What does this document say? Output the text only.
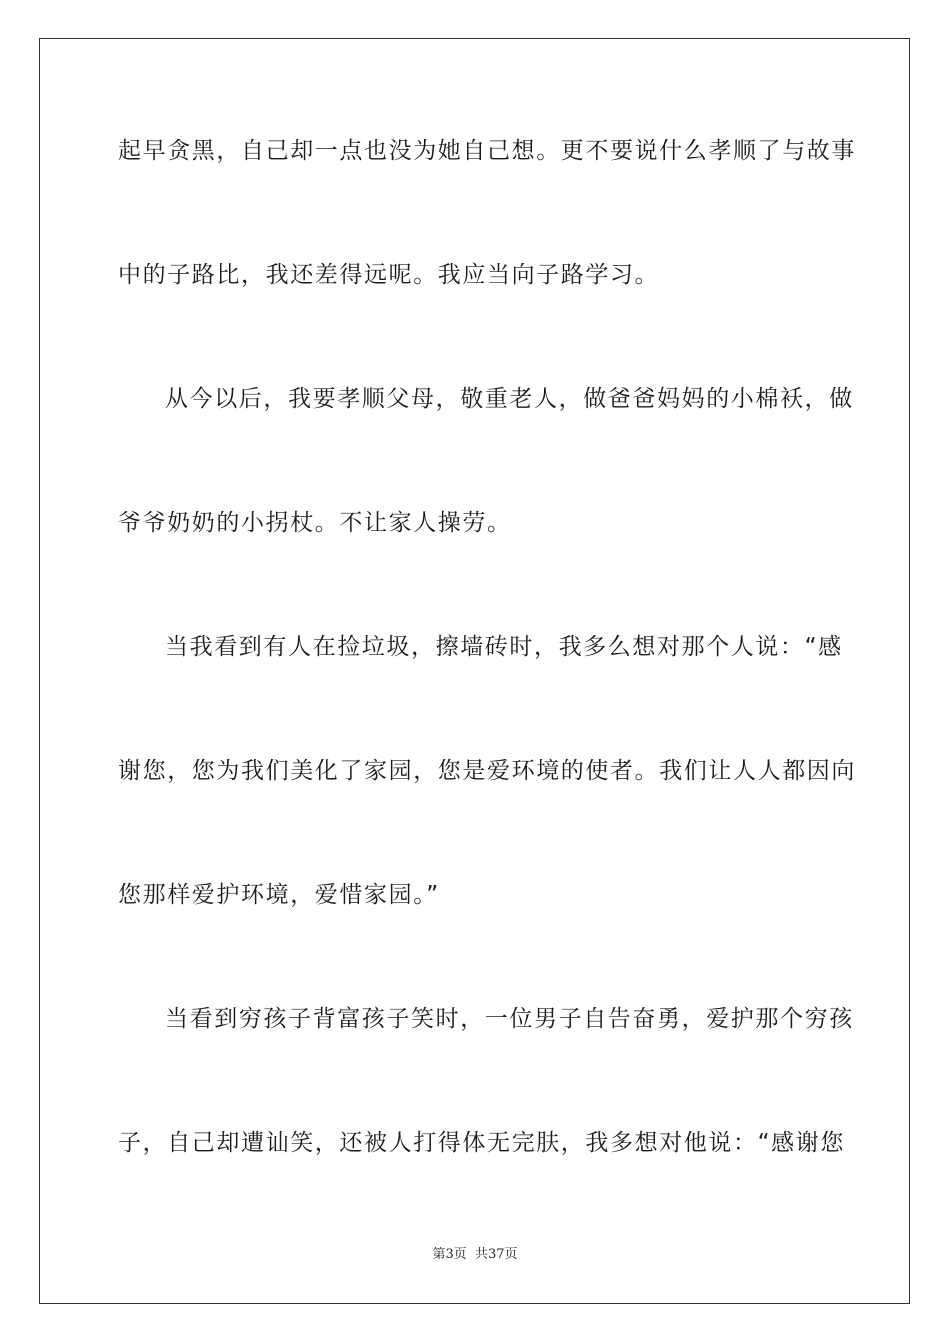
起早贪黑，自己却一点也没为她自己想。更不要说什么孝顺了与故事
中的子路比，我还差得远呢。我应当向子路学习。
从今以后，我要孝顺父母，敬重老人，做爸爸妈妈的小棉袄，做
爷爷奶奶的小拐杖。不让家人操劳。
当我看到有人在捡垃圾，擦墙砖时，我多么想对那个人说：“感
谢您，您为我们美化了家园，您是爱环境的使者。我们让人人都因向
您那样爱护环境，爱惜家园。”
当看到穷孩子背富孩子笑时，一位男子自告奋勇，爱护那个穷孩
子，自己却遭讪笑，还被人打得体无完肤，我多想对他说：“感谢您
第3页 共37页
